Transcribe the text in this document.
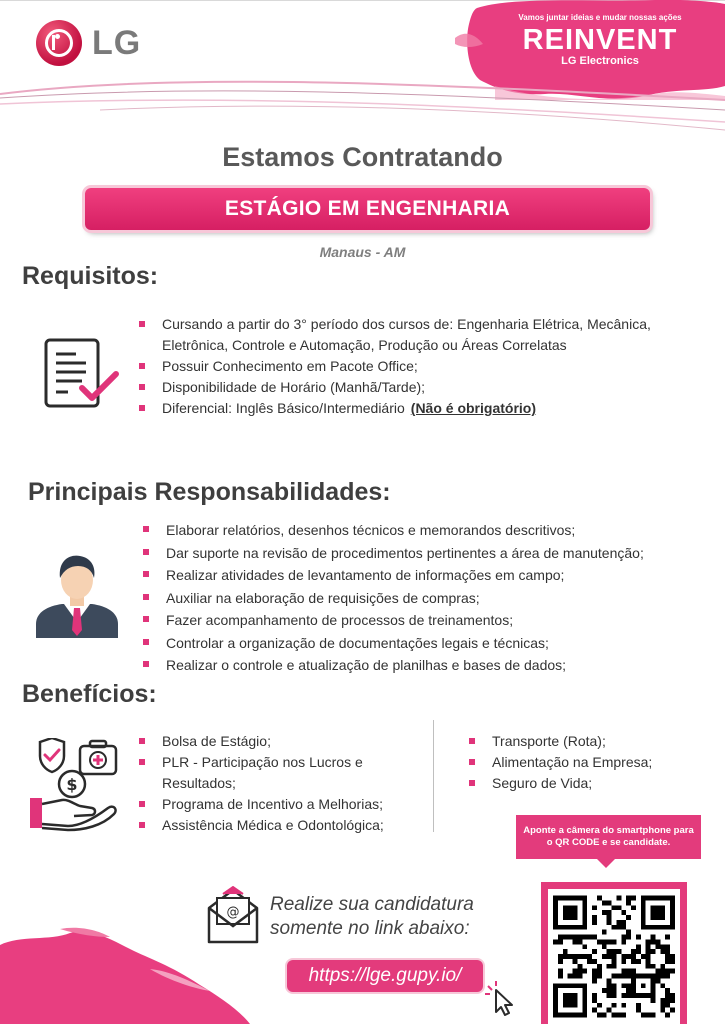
LG
Vamos juntar ideias e mudar nossas ações
REINVENT
LG Electronics
Estamos Contratando
ESTÁGIO EM ENGENHARIA
Manaus - AM
Requisitos:
Cursando a partir do 3° período dos cursos de: Engenharia Elétrica, Mecânica, Eletrônica, Controle e Automação, Produção ou Áreas Correlatas
Possuir Conhecimento em Pacote Office;
Disponibilidade de Horário (Manhã/Tarde);
Diferencial: Inglês Básico/Intermediário (Não é obrigatório)
Principais Responsabilidades:
Elaborar relatórios, desenhos técnicos e memorandos descritivos;
Dar suporte na revisão de procedimentos pertinentes a área de manutenção;
Realizar atividades de levantamento de informações em campo;
Auxiliar na elaboração de requisições de compras;
Fazer acompanhamento de processos de treinamentos;
Controlar a organização de documentações legais e técnicas;
Realizar o controle e atualização de planilhas e bases de dados;
Benefícios:
$
Bolsa de Estágio;
PLR - Participação nos Lucros e Resultados;
Programa de Incentivo a Melhorias;
Assistência Médica e Odontológica;
Transporte (Rota);
Alimentação na Empresa;
Seguro de Vida;
Aponte a câmera do smartphone para o QR CODE e se candidate.
@ Realize sua candidatura
somente no link abaixo:
https://lge.gupy.io/
